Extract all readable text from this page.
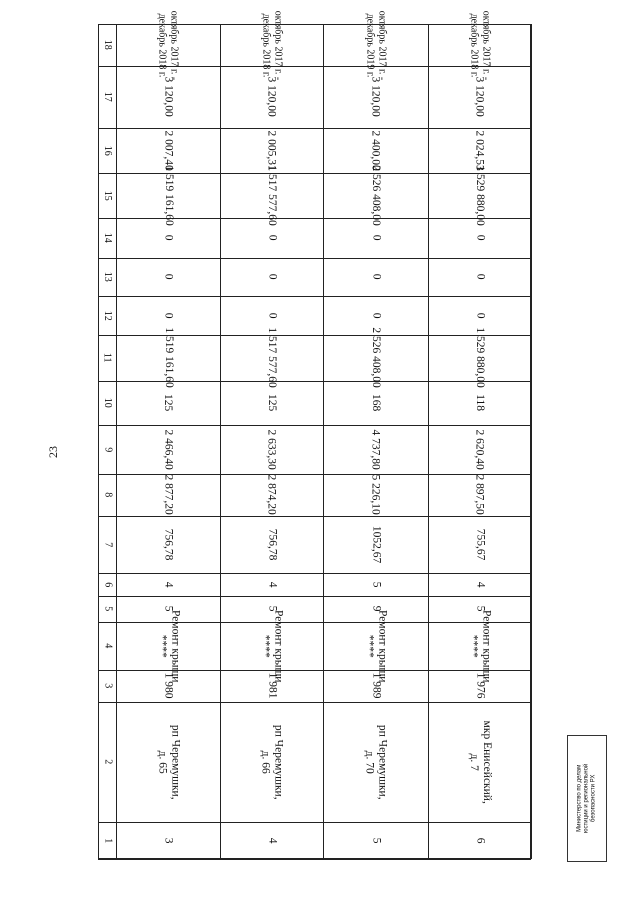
23
1
2
3
4
5
6
7
8
9
10
11
12
13
14
15
16
17
18
3
рп Черемушки,
д. 65
1 980
Ремонт крыши
****
5
4
756,78
2 877,20
2 466,40
125
1 519 161,60
0
0
0
1 519 161,60
2 007,40
3 120,00
октябрь 2017 г. -
декабрь 2018 г.
4
рп Черемушки,
д. 66
1 981
Ремонт крыши
****
5
4
756,78
2 874,20
2 633,30
125
1 517 577,60
0
0
0
1 517 577,60
2 005,31
3 120,00
октябрь 2017 г. -
декабрь 2018 г.
5
рп Черемушки,
д. 70
1 989
Ремонт крыши
****
9
5
1052,67
5 226,10
4 737,80
168
2 526 408,00
0
0
0
2 526 408,00
2 400,00
3 120,00
октябрь 2017 г. -
декабрь 2019 г.
6
мкр Енисейский,
д. 7
1 976
Ремонт крыши
****
5
4
755,67
2 897,50
2 620,40
118
1 529 880,00
0
0
0
1 529 880,00
2 024,53
3 120,00
октябрь 2017 г. -
декабрь 2018 г.
Министерство по делам
юстиции и региональной
безопасности РХ
